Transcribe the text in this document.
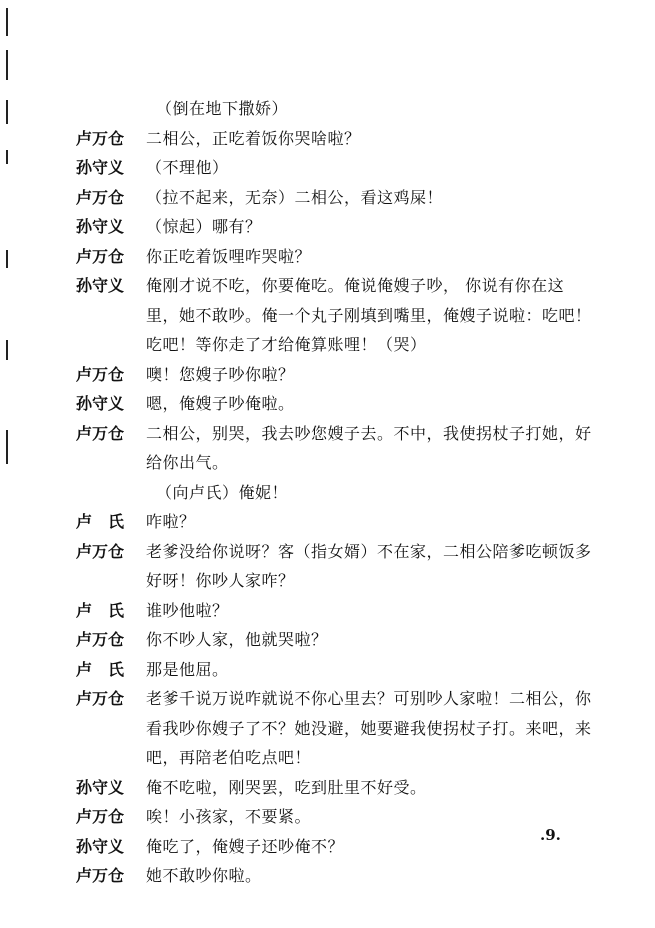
（倒在地下撒娇）
卢万仓	二相公，正吃着饭你哭啥啦？
孙守义	（不理他）
卢万仓	（拉不起来，无奈）二相公，看这鸡屎！
孙守义	（惊起）哪有？
卢万仓	你正吃着饭哩咋哭啦？
孙守义	俺刚才说不吃，你要俺吃。俺说俺嫂子吵， 你说有你在这里，她不敢吵。俺一个丸子刚填到嘴里，俺嫂子说啦：吃吧！吃吧！等你走了才给俺算账哩！（哭）
卢万仓	噢！您嫂子吵你啦？
孙守义	嗯，俺嫂子吵俺啦。
卢万仓	二相公，别哭，我去吵您嫂子去。不中，我使拐杖子打她，好给你出气。
（向卢氏）俺妮！
卢　氏	咋啦？
卢万仓	老爹没给你说呀？客（指女婿）不在家，二相公陪爹吃顿饭多好呀！你吵人家咋？
卢　氏	谁吵他啦？
卢万仓	你不吵人家，他就哭啦？
卢　氏	那是他屈。
卢万仓	老爹千说万说咋就说不你心里去？可别吵人家啦！二相公，你看我吵你嫂子了不？她没避，她要避我使拐杖子打。来吧，来吧，再陪老伯吃点吧！
孙守义	俺不吃啦，刚哭罢，吃到肚里不好受。
卢万仓	唉！小孩家，不要紧。
孙守义	俺吃了，俺嫂子还吵俺不？
卢万仓	她不敢吵你啦。
.9.
